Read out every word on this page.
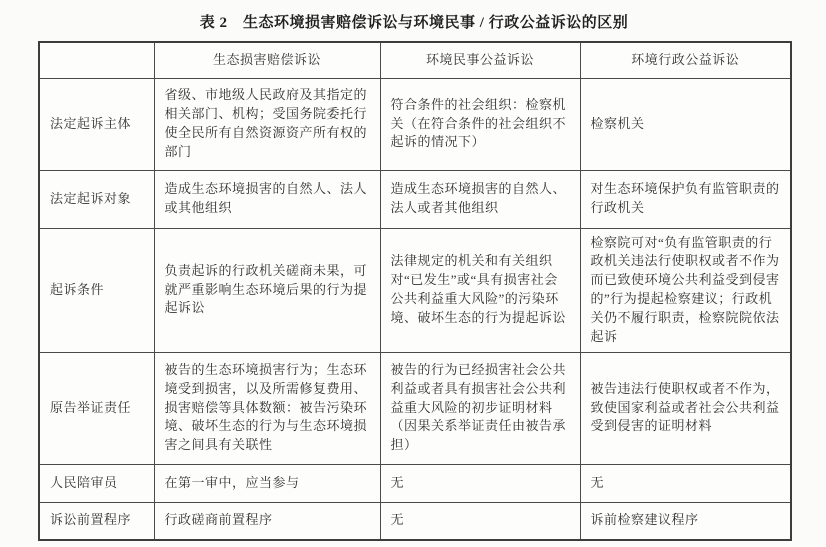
表 2　生态环境损害赔偿诉讼与环境民事 / 行政公益诉讼的区别
	生态损害赔偿诉讼	环境民事公益诉讼	环境行政公益诉讼
法定起诉主体	省级、市地级人民政府及其指定的相关部门、机构；受国务院委托行使全民所有自然资源资产所有权的部门	符合条件的社会组织：检察机关（在符合条件的社会组织不起诉的情况下）	检察机关
法定起诉对象	造成生态环境损害的自然人、法人或其他组织	造成生态环境损害的自然人、法人或者其他组织	对生态环境保护负有监管职责的行政机关
起诉条件	负责起诉的行政机关磋商未果，可就严重影响生态环境后果的行为提起诉讼	法律规定的机关和有关组织对“已发生”或“具有损害社会公共利益重大风险”的污染环境、破坏生态的行为提起诉讼	检察院可对“负有监管职责的行政机关违法行使职权或者不作为而已致使环境公共利益受到侵害的”行为提起检察建议；行政机关仍不履行职责，检察院院依法起诉
原告举证责任	被告的生态环境损害行为；生态环境受到损害，以及所需修复费用、损害赔偿等具体数额：被告污染环境、破坏生态的行为与生态环境损害之间具有关联性	被告的行为已经损害社会公共利益或者具有损害社会公共利益重大风险的初步证明材料（因果关系举证责任由被告承担）	被告违法行使职权或者不作为，致使国家利益或者社会公共利益受到侵害的证明材料
人民陪审员	在第一审中，应当参与	无	无
诉讼前置程序	行政磋商前置程序	无	诉前检察建议程序
